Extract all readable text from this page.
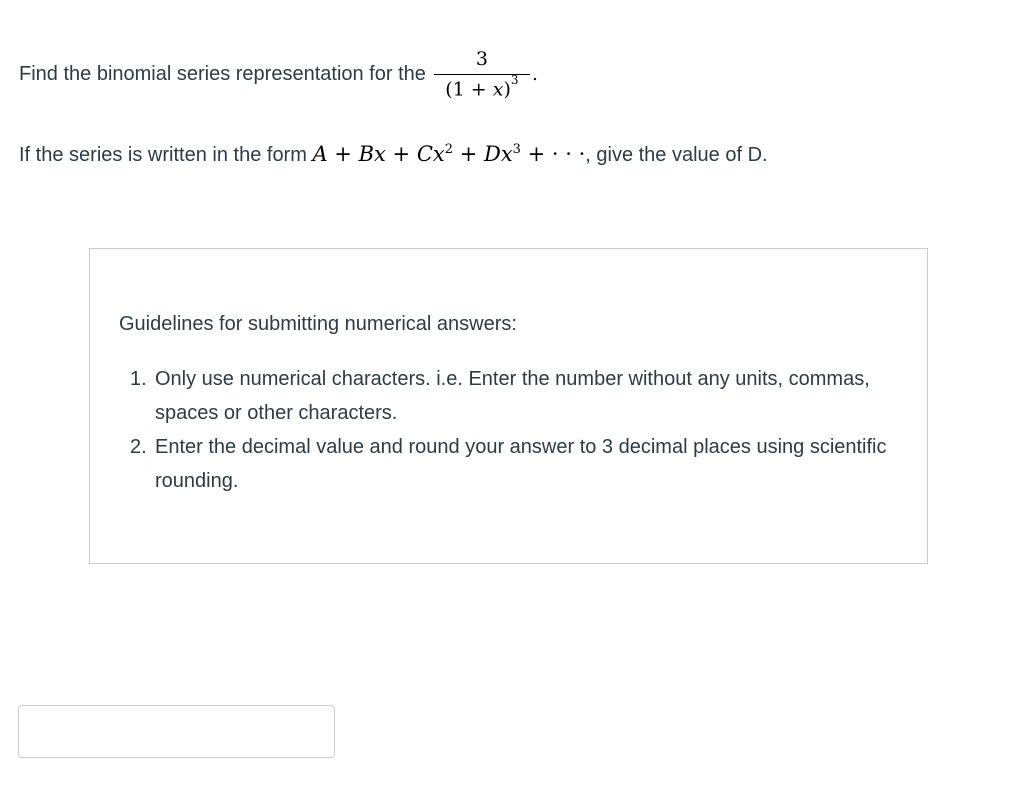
Find the binomial series representation for the $\frac{3}{(1 + x)^3}$ .
If the series is written in the form $A + Bx + Cx^2 + Dx^3$ + · · ·, give the value of D.
Guidelines for submitting numerical answers:
1. Only use numerical characters. i.e. Enter the number without any units, commas, spaces or other characters.
2. Enter the decimal value and round your answer to 3 decimal places using scientific rounding.
